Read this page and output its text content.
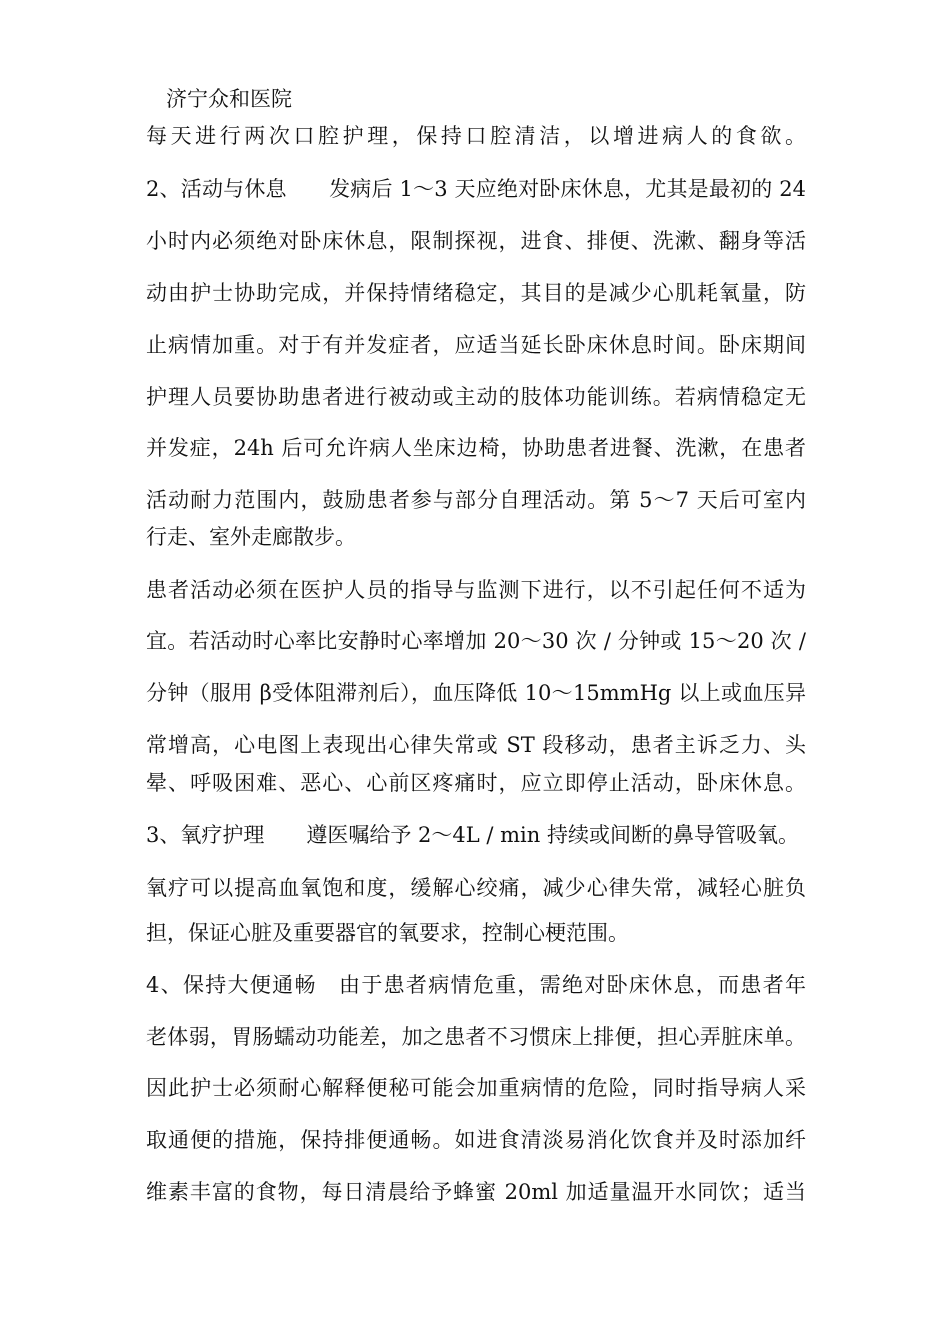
济宁众和医院
每天进行两次口腔护理，保持口腔清洁，以增进病人的食欲。
2、活动与休息　　发病后 1～3 天应绝对卧床休息，尤其是最初的 24
小时内必须绝对卧床休息，限制探视，进食、排便、洗漱、翻身等活
动由护士协助完成，并保持情绪稳定，其目的是减少心肌耗氧量，防
止病情加重。对于有并发症者，应适当延长卧床休息时间。卧床期间
护理人员要协助患者进行被动或主动的肢体功能训练。若病情稳定无
并发症，24h 后可允许病人坐床边椅，协助患者进餐、洗漱，在患者
活动耐力范围内，鼓励患者参与部分自理活动。第 5～7 天后可室内
行走、室外走廊散步。
患者活动必须在医护人员的指导与监测下进行，以不引起任何不适为
宜。若活动时心率比安静时心率增加 20～30 次 / 分钟或 15～20 次 /
分钟（服用 β受体阻滞剂后），血压降低 10～15mmHg 以上或血压异
常增高，心电图上表现出心律失常或 ST 段移动，患者主诉乏力、头
晕、呼吸困难、恶心、心前区疼痛时，应立即停止活动，卧床休息。
3、氧疗护理　　遵医嘱给予 2～4L / min 持续或间断的鼻导管吸氧。
氧疗可以提高血氧饱和度，缓解心绞痛，减少心律失常，减轻心脏负
担，保证心脏及重要器官的氧要求，控制心梗范围。
4、保持大便通畅　由于患者病情危重，需绝对卧床休息，而患者年
老体弱，胃肠蠕动功能差，加之患者不习惯床上排便，担心弄脏床单。
因此护士必须耐心解释便秘可能会加重病情的危险，同时指导病人采
取通便的措施，保持排便通畅。如进食清淡易消化饮食并及时添加纤
维素丰富的食物，每日清晨给予蜂蜜 20ml 加适量温开水同饮；适当
